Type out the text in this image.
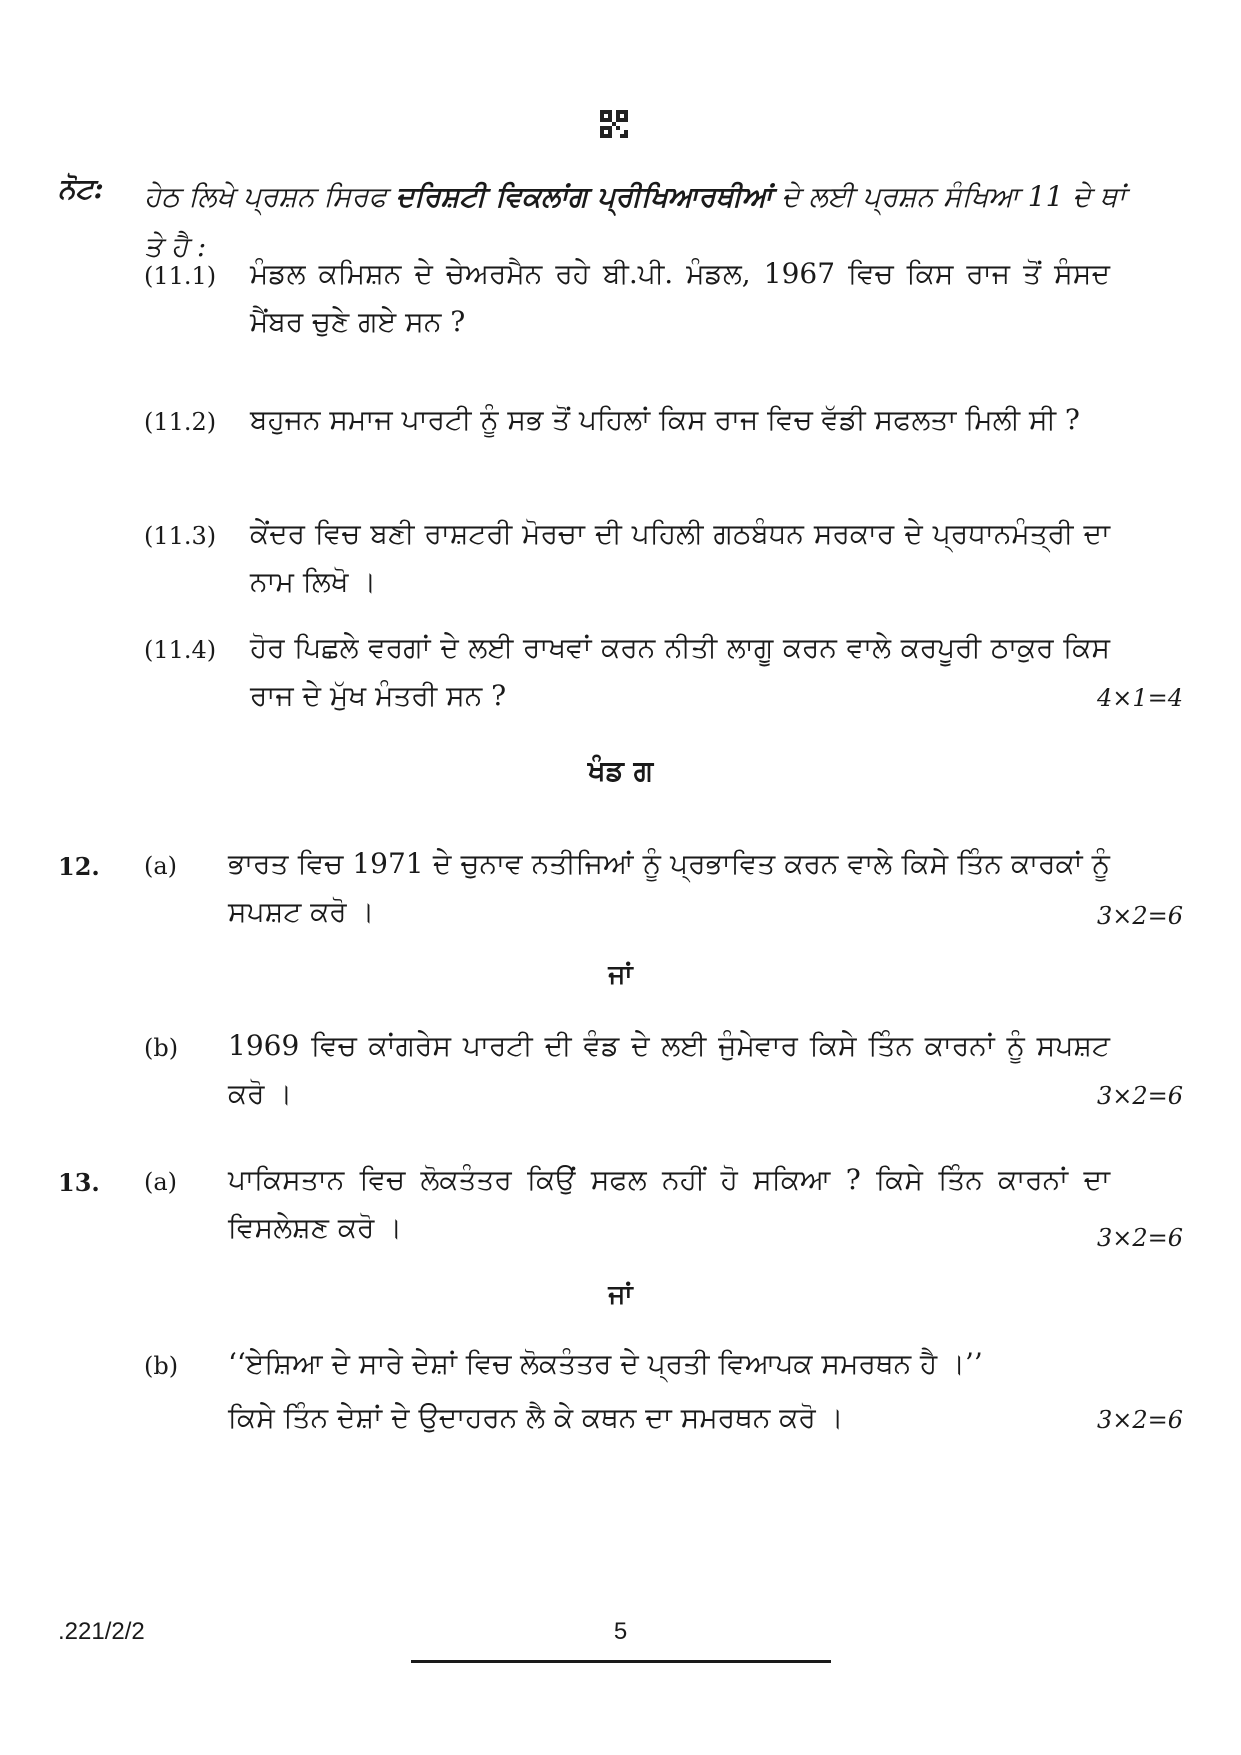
ਨੋਟ: ਹੇਠ ਲਿਖੇ ਪ੍ਰਸ਼ਨ ਸਿਰਫ ਦਰਿਸ਼ਟੀ ਵਿਕਲਾਂਗ ਪ੍ਰੀਖਿਆਰਥੀਆਂ ਦੇ ਲਈ ਪ੍ਰਸ਼ਨ ਸੰਖਿਆ 11 ਦੇ ਥਾਂ ਤੇ ਹੈ :
(11.1) ਮੰਡਲ ਕਮਿਸ਼ਨ ਦੇ ਚੇਅਰਮੈਨ ਰਹੇ ਬੀ.ਪੀ. ਮੰਡਲ, 1967 ਵਿਚ ਕਿਸ ਰਾਜ ਤੋਂ ਸੰਸਦ ਮੈਂਬਰ ਚੁਣੇ ਗਏ ਸਨ ?
(11.2) ਬਹੁਜਨ ਸਮਾਜ ਪਾਰਟੀ ਨੂੰ ਸਭ ਤੋਂ ਪਹਿਲਾਂ ਕਿਸ ਰਾਜ ਵਿਚ ਵੱਡੀ ਸਫਲਤਾ ਮਿਲੀ ਸੀ ?
(11.3) ਕੇਂਦਰ ਵਿਚ ਬਣੀ ਰਾਸ਼ਟਰੀ ਮੋਰਚਾ ਦੀ ਪਹਿਲੀ ਗਠਬੰਧਨ ਸਰਕਾਰ ਦੇ ਪ੍ਰਧਾਨਮੰਤ੍ਰੀ ਦਾ ਨਾਮ ਲਿਖੋ ।
(11.4) ਹੋਰ ਪਿਛਲੇ ਵਰਗਾਂ ਦੇ ਲਈ ਰਾਖਵਾਂ ਕਰਨ ਨੀਤੀ ਲਾਗੂ ਕਰਨ ਵਾਲੇ ਕਰਪੂਰੀ ਠਾਕੁਰ ਕਿਸ ਰਾਜ ਦੇ ਮੁੱਖ ਮੰਤਰੀ ਸਨ ?	4×1=4
ਖੰਡ ਗ
12. (a) ਭਾਰਤ ਵਿਚ 1971 ਦੇ ਚੁਨਾਵ ਨਤੀਜਿਆਂ ਨੂੰ ਪ੍ਰਭਾਵਿਤ ਕਰਨ ਵਾਲੇ ਕਿਸੇ ਤਿੰਨ ਕਾਰਕਾਂ ਨੂੰ ਸਪਸ਼ਟ ਕਰੋ ।	3×2=6
ਜਾਂ
(b) 1969 ਵਿਚ ਕਾਂਗਰੇਸ ਪਾਰਟੀ ਦੀ ਵੰਡ ਦੇ ਲਈ ਜੁੰਮੇਵਾਰ ਕਿਸੇ ਤਿੰਨ ਕਾਰਨਾਂ ਨੂੰ ਸਪਸ਼ਟ ਕਰੋ ।	3×2=6
13. (a) ਪਾਕਿਸਤਾਨ ਵਿਚ ਲੋਕਤੰਤਰ ਕਿਉਂ ਸਫਲ ਨਹੀਂ ਹੋ ਸਕਿਆ ? ਕਿਸੇ ਤਿੰਨ ਕਾਰਨਾਂ ਦਾ ਵਿਸਲੇਸ਼ਣ ਕਰੋ ।	3×2=6
ਜਾਂ
(b) ‘‘ਏਸ਼ਿਆ ਦੇ ਸਾਰੇ ਦੇਸ਼ਾਂ ਵਿਚ ਲੋਕਤੰਤਰ ਦੇ ਪ੍ਰਤੀ ਵਿਆਪਕ ਸਮਰਥਨ ਹੈ ।’’
ਕਿਸੇ ਤਿੰਨ ਦੇਸ਼ਾਂ ਦੇ ਉਦਾਹਰਨ ਲੈ ਕੇ ਕਥਨ ਦਾ ਸਮਰਥਨ ਕਰੋ ।	3×2=6
.221/2/2	5
